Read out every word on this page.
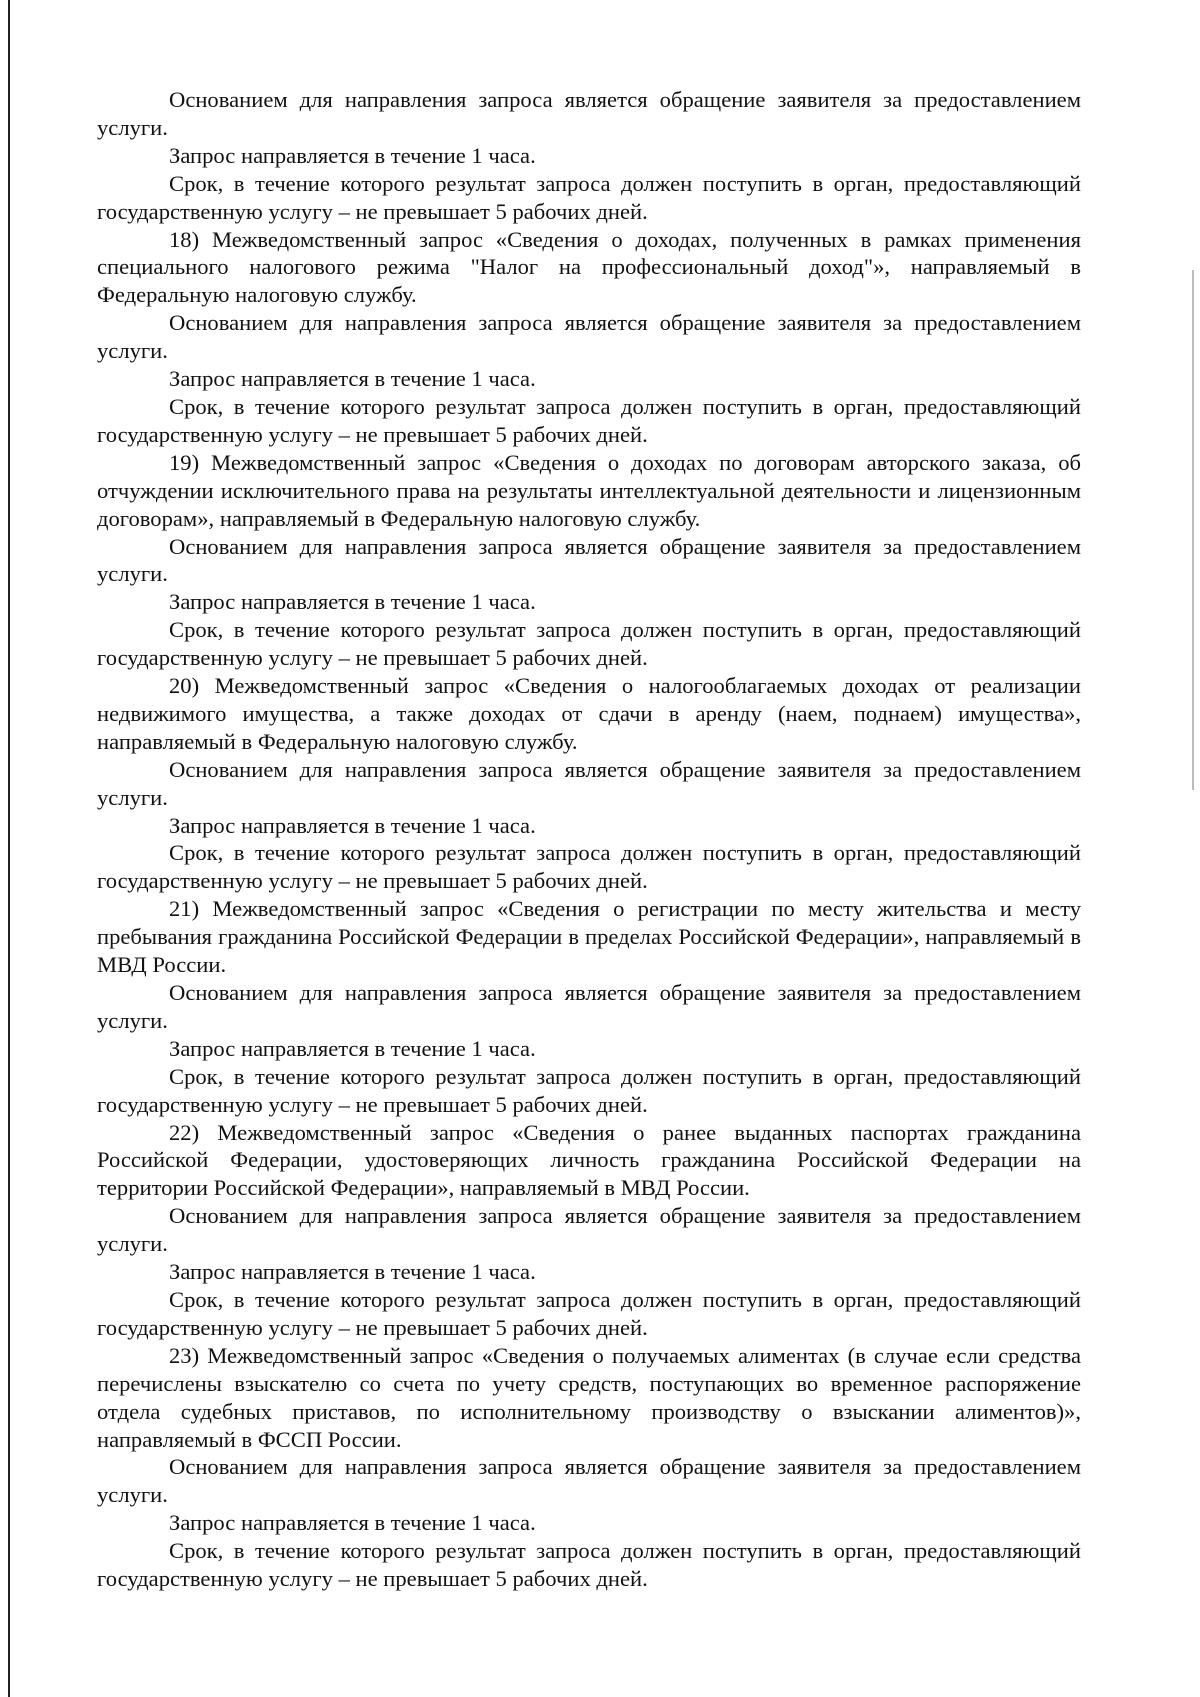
Основанием для направления запроса является обращение заявителя за предоставлением услуги.

Запрос направляется в течение 1 часа.

Срок, в течение которого результат запроса должен поступить в орган, предоставляющий государственную услугу – не превышает 5 рабочих дней.

18) Межведомственный запрос «Сведения о доходах, полученных в рамках применения специального налогового режима "Налог на профессиональный доход"», направляемый в Федеральную налоговую службу.

Основанием для направления запроса является обращение заявителя за предоставлением услуги.

Запрос направляется в течение 1 часа.

Срок, в течение которого результат запроса должен поступить в орган, предоставляющий государственную услугу – не превышает 5 рабочих дней.

19) Межведомственный запрос «Сведения о доходах по договорам авторского заказа, об отчуждении исключительного права на результаты интеллектуальной деятельности и лицензионным договорам», направляемый в Федеральную налоговую службу.

Основанием для направления запроса является обращение заявителя за предоставлением услуги.

Запрос направляется в течение 1 часа.

Срок, в течение которого результат запроса должен поступить в орган, предоставляющий государственную услугу – не превышает 5 рабочих дней.

20) Межведомственный запрос «Сведения о налогооблагаемых доходах от реализации недвижимого имущества, а также доходах от сдачи в аренду (наем, поднаем) имущества», направляемый в Федеральную налоговую службу.

Основанием для направления запроса является обращение заявителя за предоставлением услуги.

Запрос направляется в течение 1 часа.

Срок, в течение которого результат запроса должен поступить в орган, предоставляющий государственную услугу – не превышает 5 рабочих дней.

21) Межведомственный запрос «Сведения о регистрации по месту жительства и месту пребывания гражданина Российской Федерации в пределах Российской Федерации», направляемый в МВД России.

Основанием для направления запроса является обращение заявителя за предоставлением услуги.

Запрос направляется в течение 1 часа.

Срок, в течение которого результат запроса должен поступить в орган, предоставляющий государственную услугу – не превышает 5 рабочих дней.

22) Межведомственный запрос «Сведения о ранее выданных паспортах гражданина Российской Федерации, удостоверяющих личность гражданина Российской Федерации на территории Российской Федерации», направляемый в МВД России.

Основанием для направления запроса является обращение заявителя за предоставлением услуги.

Запрос направляется в течение 1 часа.

Срок, в течение которого результат запроса должен поступить в орган, предоставляющий государственную услугу – не превышает 5 рабочих дней.

23) Межведомственный запрос «Сведения о получаемых алиментах (в случае если средства перечислены взыскателю со счета по учету средств, поступающих во временное распоряжение отдела судебных приставов, по исполнительному производству о взыскании алиментов)», направляемый в ФССП России.

Основанием для направления запроса является обращение заявителя за предоставлением услуги.

Запрос направляется в течение 1 часа.

Срок, в течение которого результат запроса должен поступить в орган, предоставляющий государственную услугу – не превышает 5 рабочих дней.
